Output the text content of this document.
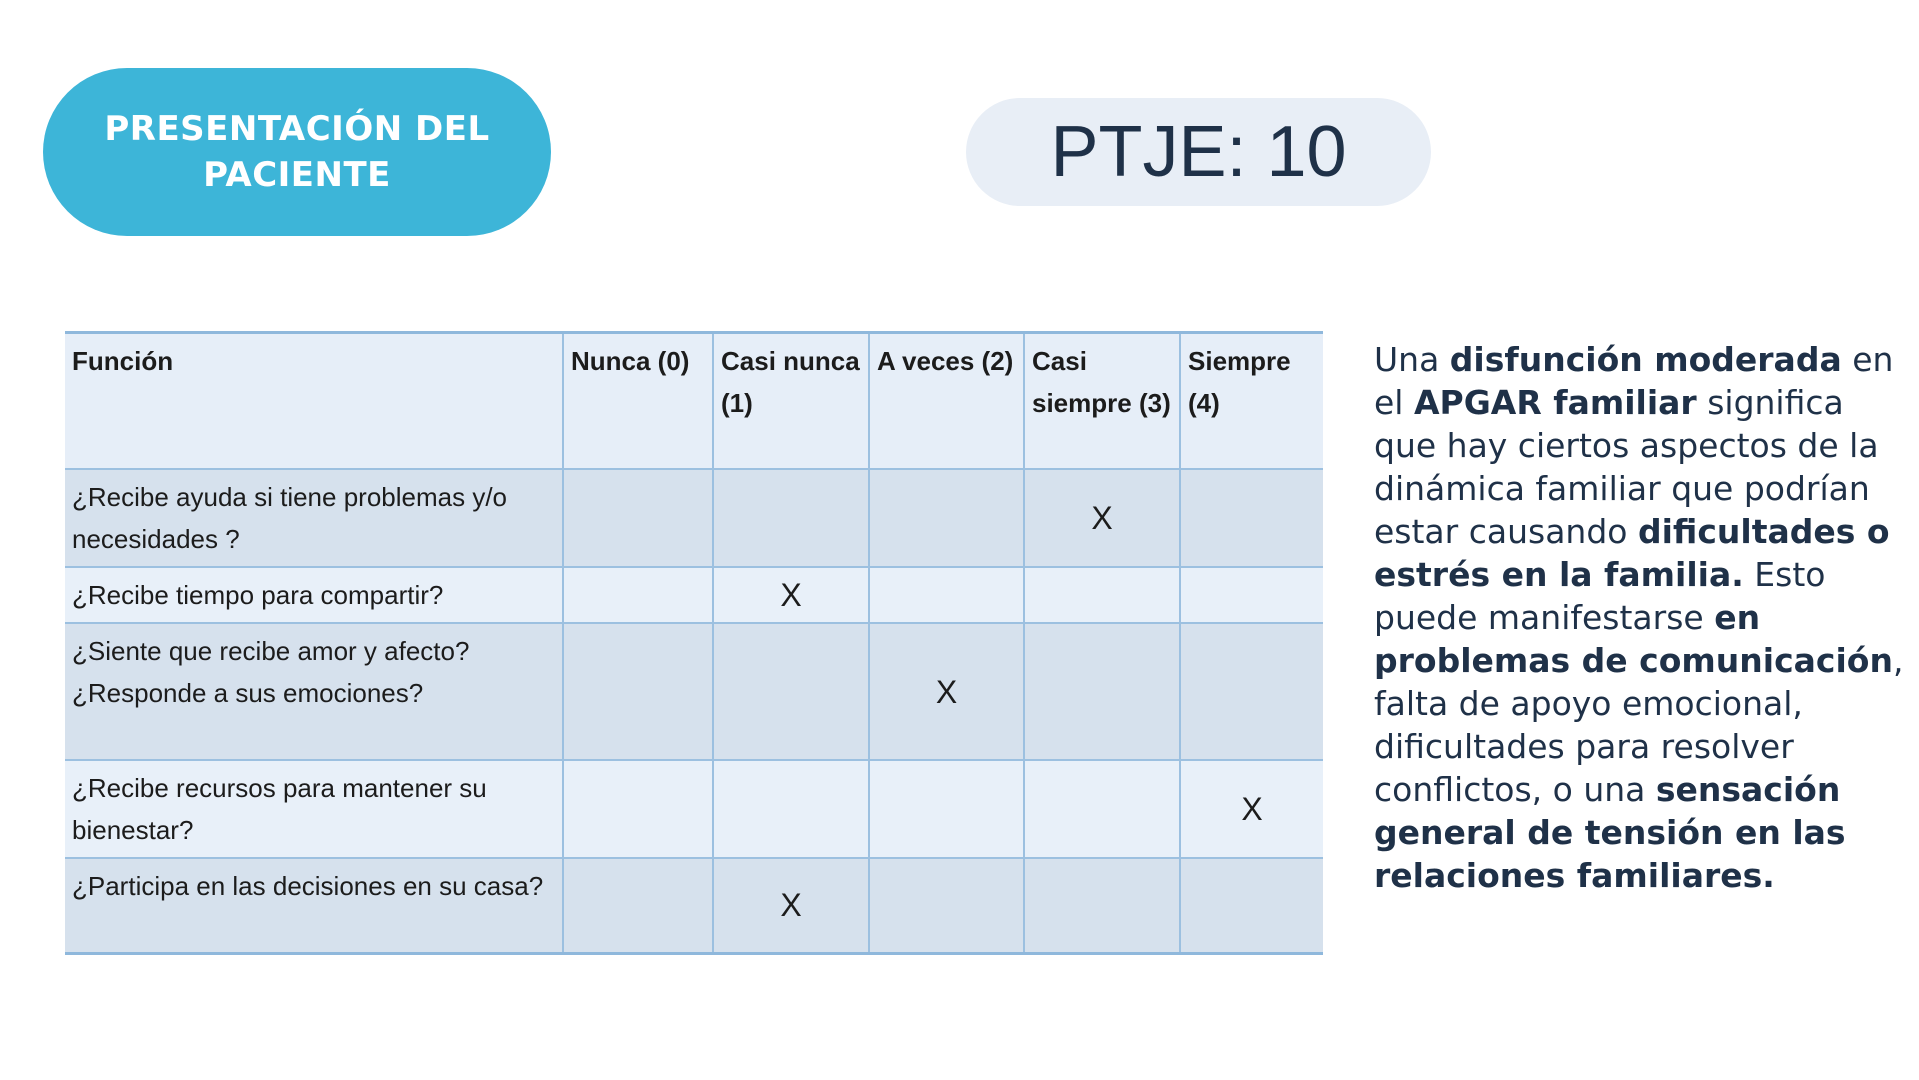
PRESENTACIÓN DEL
PACIENTE	PTJE: 10
Función	Nunca (0)	Casi nunca (1)	A veces (2)	Casi siempre (3)	Siempre (4)
¿Recibe ayuda si tiene problemas y/o necesidades ?				X	
¿Recibe tiempo para compartir?		X			
¿Siente que recibe amor y afecto? ¿Responde a sus emociones?			X		
¿Recibe recursos para mantener su bienestar?					X
¿Participa en las decisiones en su casa?		X			
Una disfunción moderada en el APGAR familiar significa que hay ciertos aspectos de la dinámica familiar que podrían estar causando dificultades o estrés en la familia. Esto puede manifestarse en problemas de comunicación, falta de apoyo emocional, dificultades para resolver conflictos, o una sensación general de tensión en las relaciones familiares.
